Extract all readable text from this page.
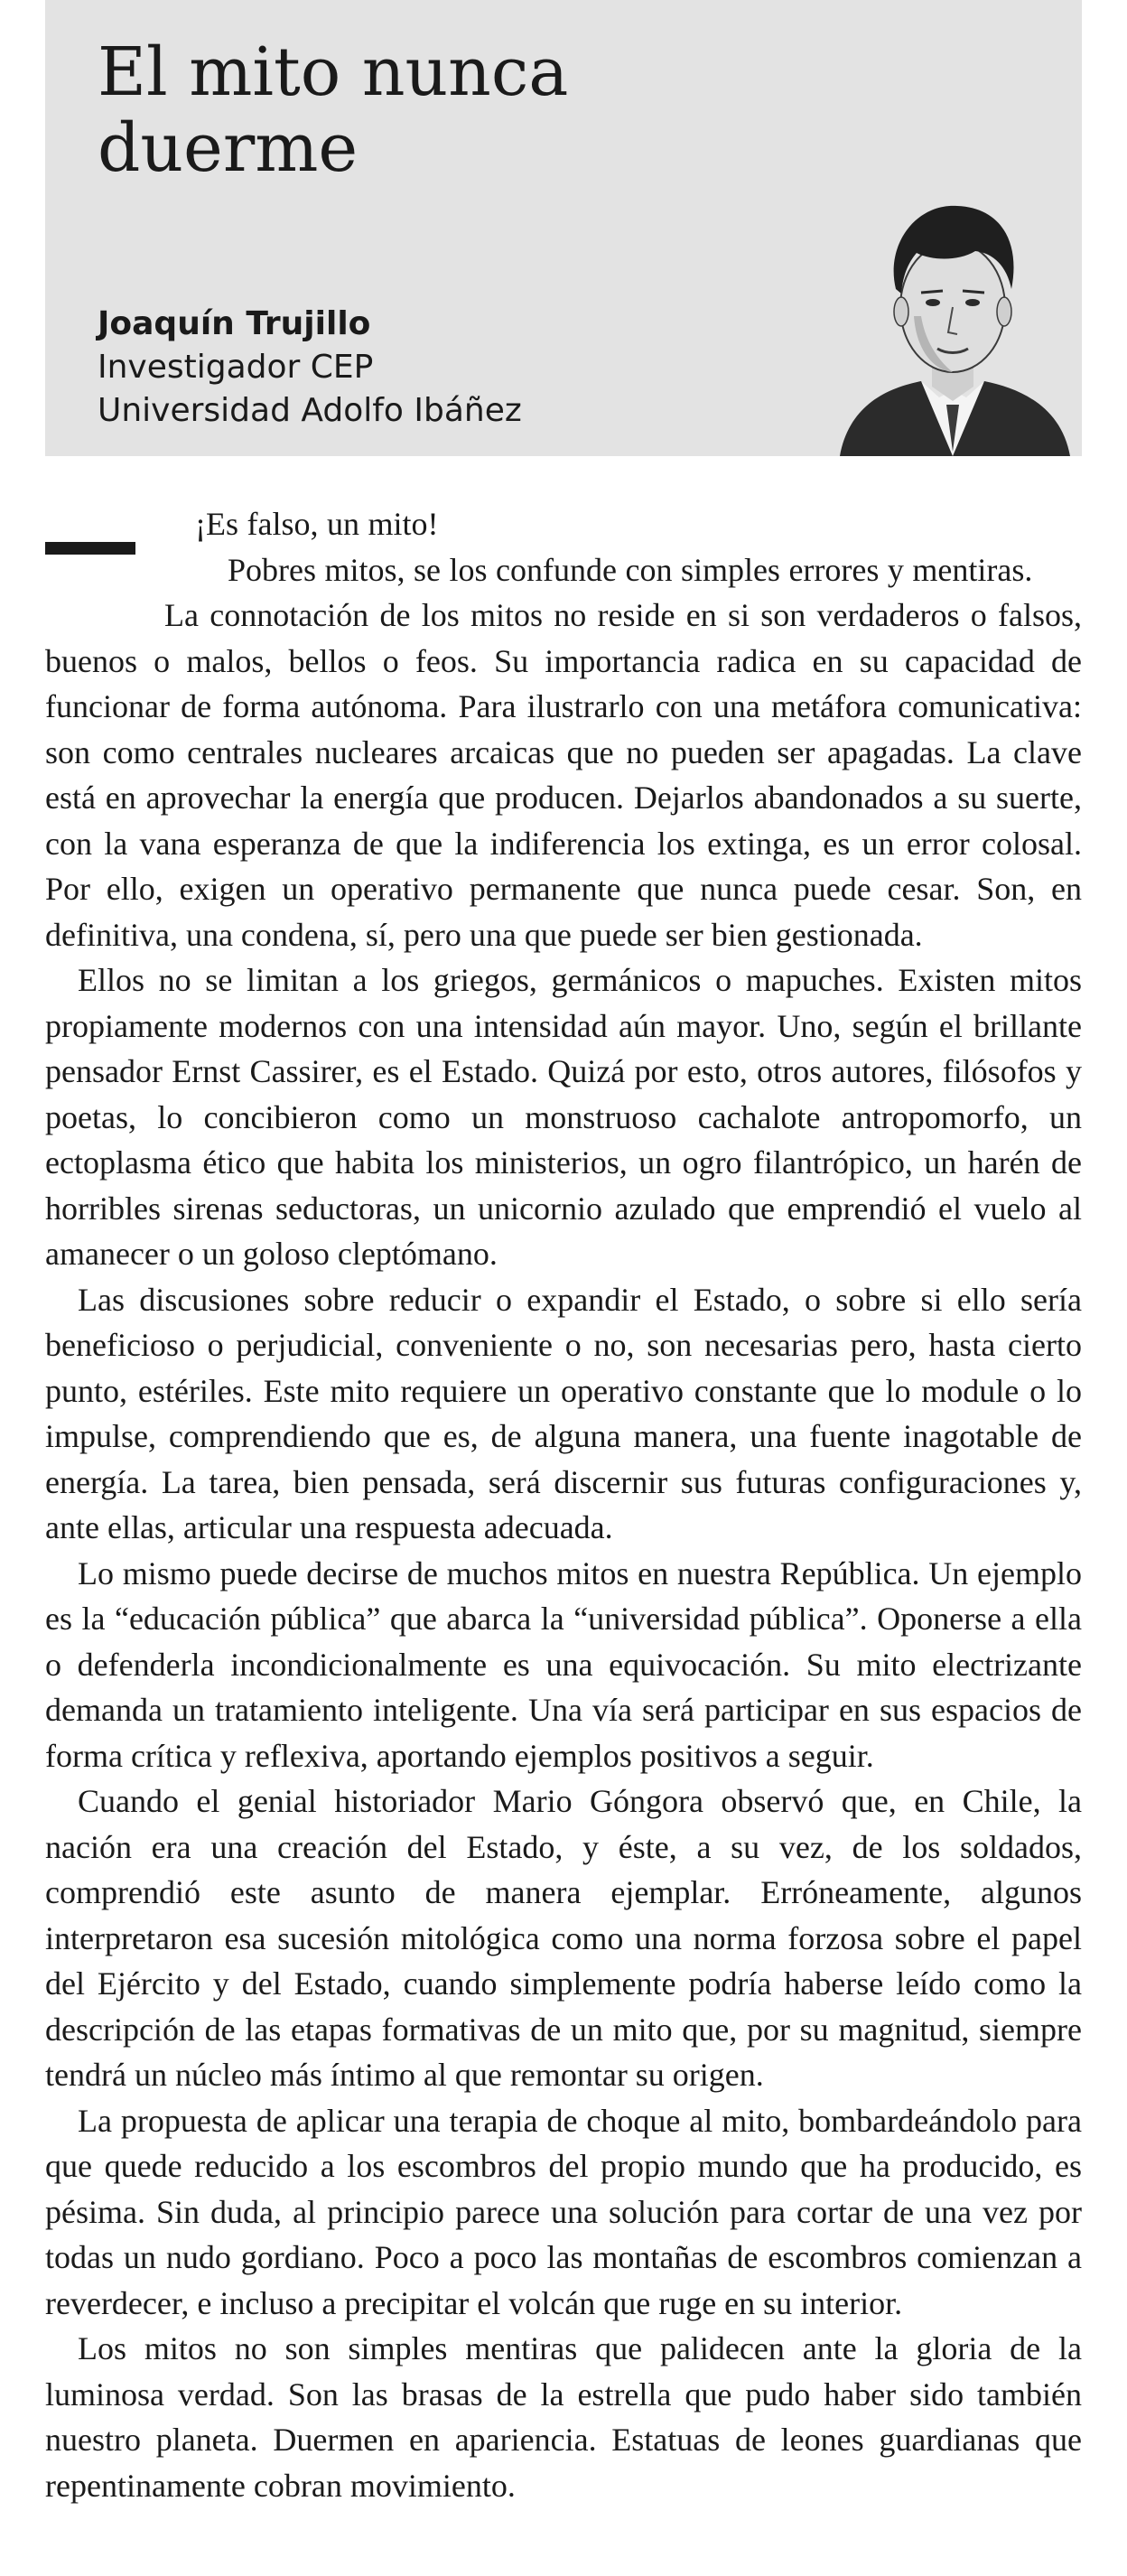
El mito nunca
duerme
Joaquín Trujillo
Investigador CEP
Universidad Adolfo Ibáñez

¡Es falso, un mito!

Pobres mitos, se los confunde con simples errores y mentiras.

La connotación de los mitos no reside en si son verdaderos o falsos, buenos o malos, bellos o feos. Su importancia radica en su capacidad de funcionar de forma autónoma. Para ilustrarlo con una metáfora comunicativa: son como centrales nucleares arcaicas que no pueden ser apagadas. La clave está en aprovechar la energía que producen. Dejarlos abandonados a su suerte, con la vana esperanza de que la indiferencia los extinga, es un error colosal. Por ello, exigen un operativo permanente que nunca puede cesar. Son, en definitiva, una condena, sí, pero una que puede ser bien gestionada.

Ellos no se limitan a los griegos, germánicos o mapuches. Existen mitos propiamente modernos con una intensidad aún mayor. Uno, según el brillante pensador Ernst Cassirer, es el Estado. Quizá por esto, otros autores, filósofos y poetas, lo concibieron como un monstruoso cachalote antropomorfo, un ectoplasma ético que habita los ministerios, un ogro filantrópico, un harén de horribles sirenas seductoras, un unicornio azulado que emprendió el vuelo al amanecer o un goloso cleptómano.

Las discusiones sobre reducir o expandir el Estado, o sobre si ello sería beneficioso o perjudicial, conveniente o no, son necesarias pero, hasta cierto punto, estériles. Este mito requiere un operativo constante que lo module o lo impulse, comprendiendo que es, de alguna manera, una fuente inagotable de energía. La tarea, bien pensada, será discernir sus futuras configuraciones y, ante ellas, articular una respuesta adecuada.

Lo mismo puede decirse de muchos mitos en nuestra República. Un ejemplo es la “educación pública” que abarca la “universidad pública”. Oponerse a ella o defenderla incondicionalmente es una equivocación. Su mito electrizante demanda un tratamiento inteligente. Una vía será participar en sus espacios de forma crítica y reflexiva, aportando ejemplos positivos a seguir.

Cuando el genial historiador Mario Góngora observó que, en Chile, la nación era una creación del Estado, y éste, a su vez, de los soldados, comprendió este asunto de manera ejemplar. Erróneamente, algunos interpretaron esa sucesión mitológica como una norma forzosa sobre el papel del Ejército y del Estado, cuando simplemente podría haberse leído como la descripción de las etapas formativas de un mito que, por su magnitud, siempre tendrá un núcleo más íntimo al que remontar su origen.

La propuesta de aplicar una terapia de choque al mito, bombardeándolo para que quede reducido a los escombros del propio mundo que ha producido, es pésima. Sin duda, al principio parece una solución para cortar de una vez por todas un nudo gordiano. Poco a poco las montañas de escombros comienzan a reverdecer, e incluso a precipitar el volcán que ruge en su interior.

Los mitos no son simples mentiras que palidecen ante la gloria de la luminosa verdad. Son las brasas de la estrella que pudo haber sido también nuestro planeta. Duermen en apariencia. Estatuas de leones guardianas que repentinamente cobran movimiento.
